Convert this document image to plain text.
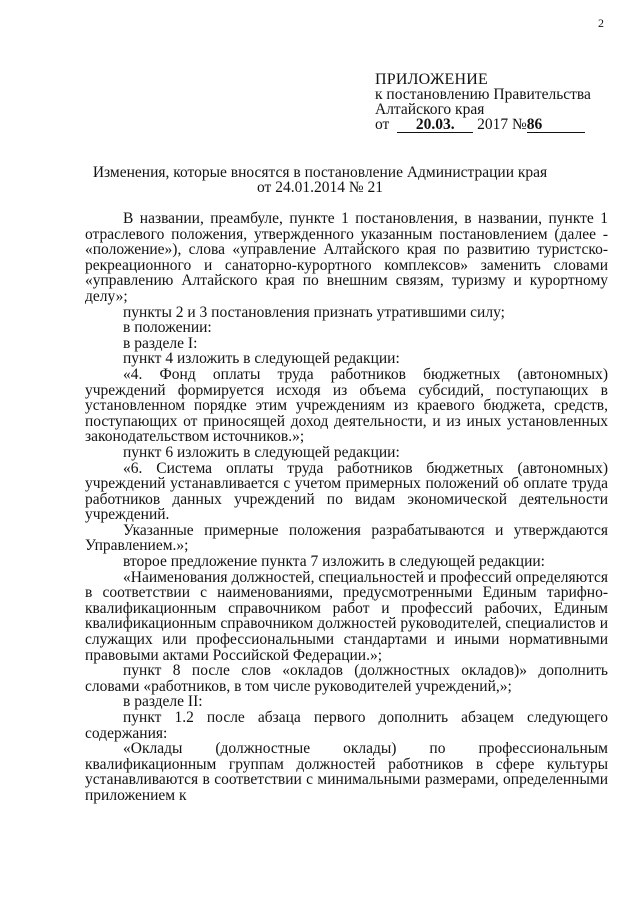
2
ПРИЛОЖЕНИЕ
к постановлению Правительства
Алтайского края
от 20.03. 2017 №86
Изменения, которые вносятся в постановление Администрации края
от 24.01.2014 № 21

В названии, преамбуле, пункте 1 постановления, в названии, пункте 1 отраслевого положения, утвержденного указанным постановлением (далее - «положение»), слова «управление Алтайского края по развитию туристско-рекреационного и санаторно-курортного комплексов» заменить словами «управлению Алтайского края по внешним связям, туризму и курортному делу»;

пункты 2 и 3 постановления признать утратившими силу;

в положении:

в разделе I:

пункт 4 изложить в следующей редакции:

«4. Фонд оплаты труда работников бюджетных (автономных) учреждений формируется исходя из объема субсидий, поступающих в установленном порядке этим учреждениям из краевого бюджета, средств, поступающих от приносящей доход деятельности, и из иных установленных законодательством источников.»;

пункт 6 изложить в следующей редакции:

«6. Система оплаты труда работников бюджетных (автономных) учреждений устанавливается с учетом примерных положений об оплате труда работников данных учреждений по видам экономической деятельности учреждений.

Указанные примерные положения разрабатываются и утверждаются Управлением.»;

второе предложение пункта 7 изложить в следующей редакции:

«Наименования должностей, специальностей и профессий определяются в соответствии с наименованиями, предусмотренными Единым тарифно-квалификационным справочником работ и профессий рабочих, Единым квалификационным справочником должностей руководителей, специалистов и служащих или профессиональными стандартами и иными нормативными правовыми актами Российской Федерации.»;

пункт 8 после слов «окладов (должностных окладов)» дополнить словами «работников, в том числе руководителей учреждений,»;

в разделе II:

пункт 1.2 после абзаца первого дополнить абзацем следующего содержания:

«Оклады (должностные оклады) по профессиональным квалификационным группам должностей работников в сфере культуры устанавливаются в соответствии с минимальными размерами, определенными приложением к
